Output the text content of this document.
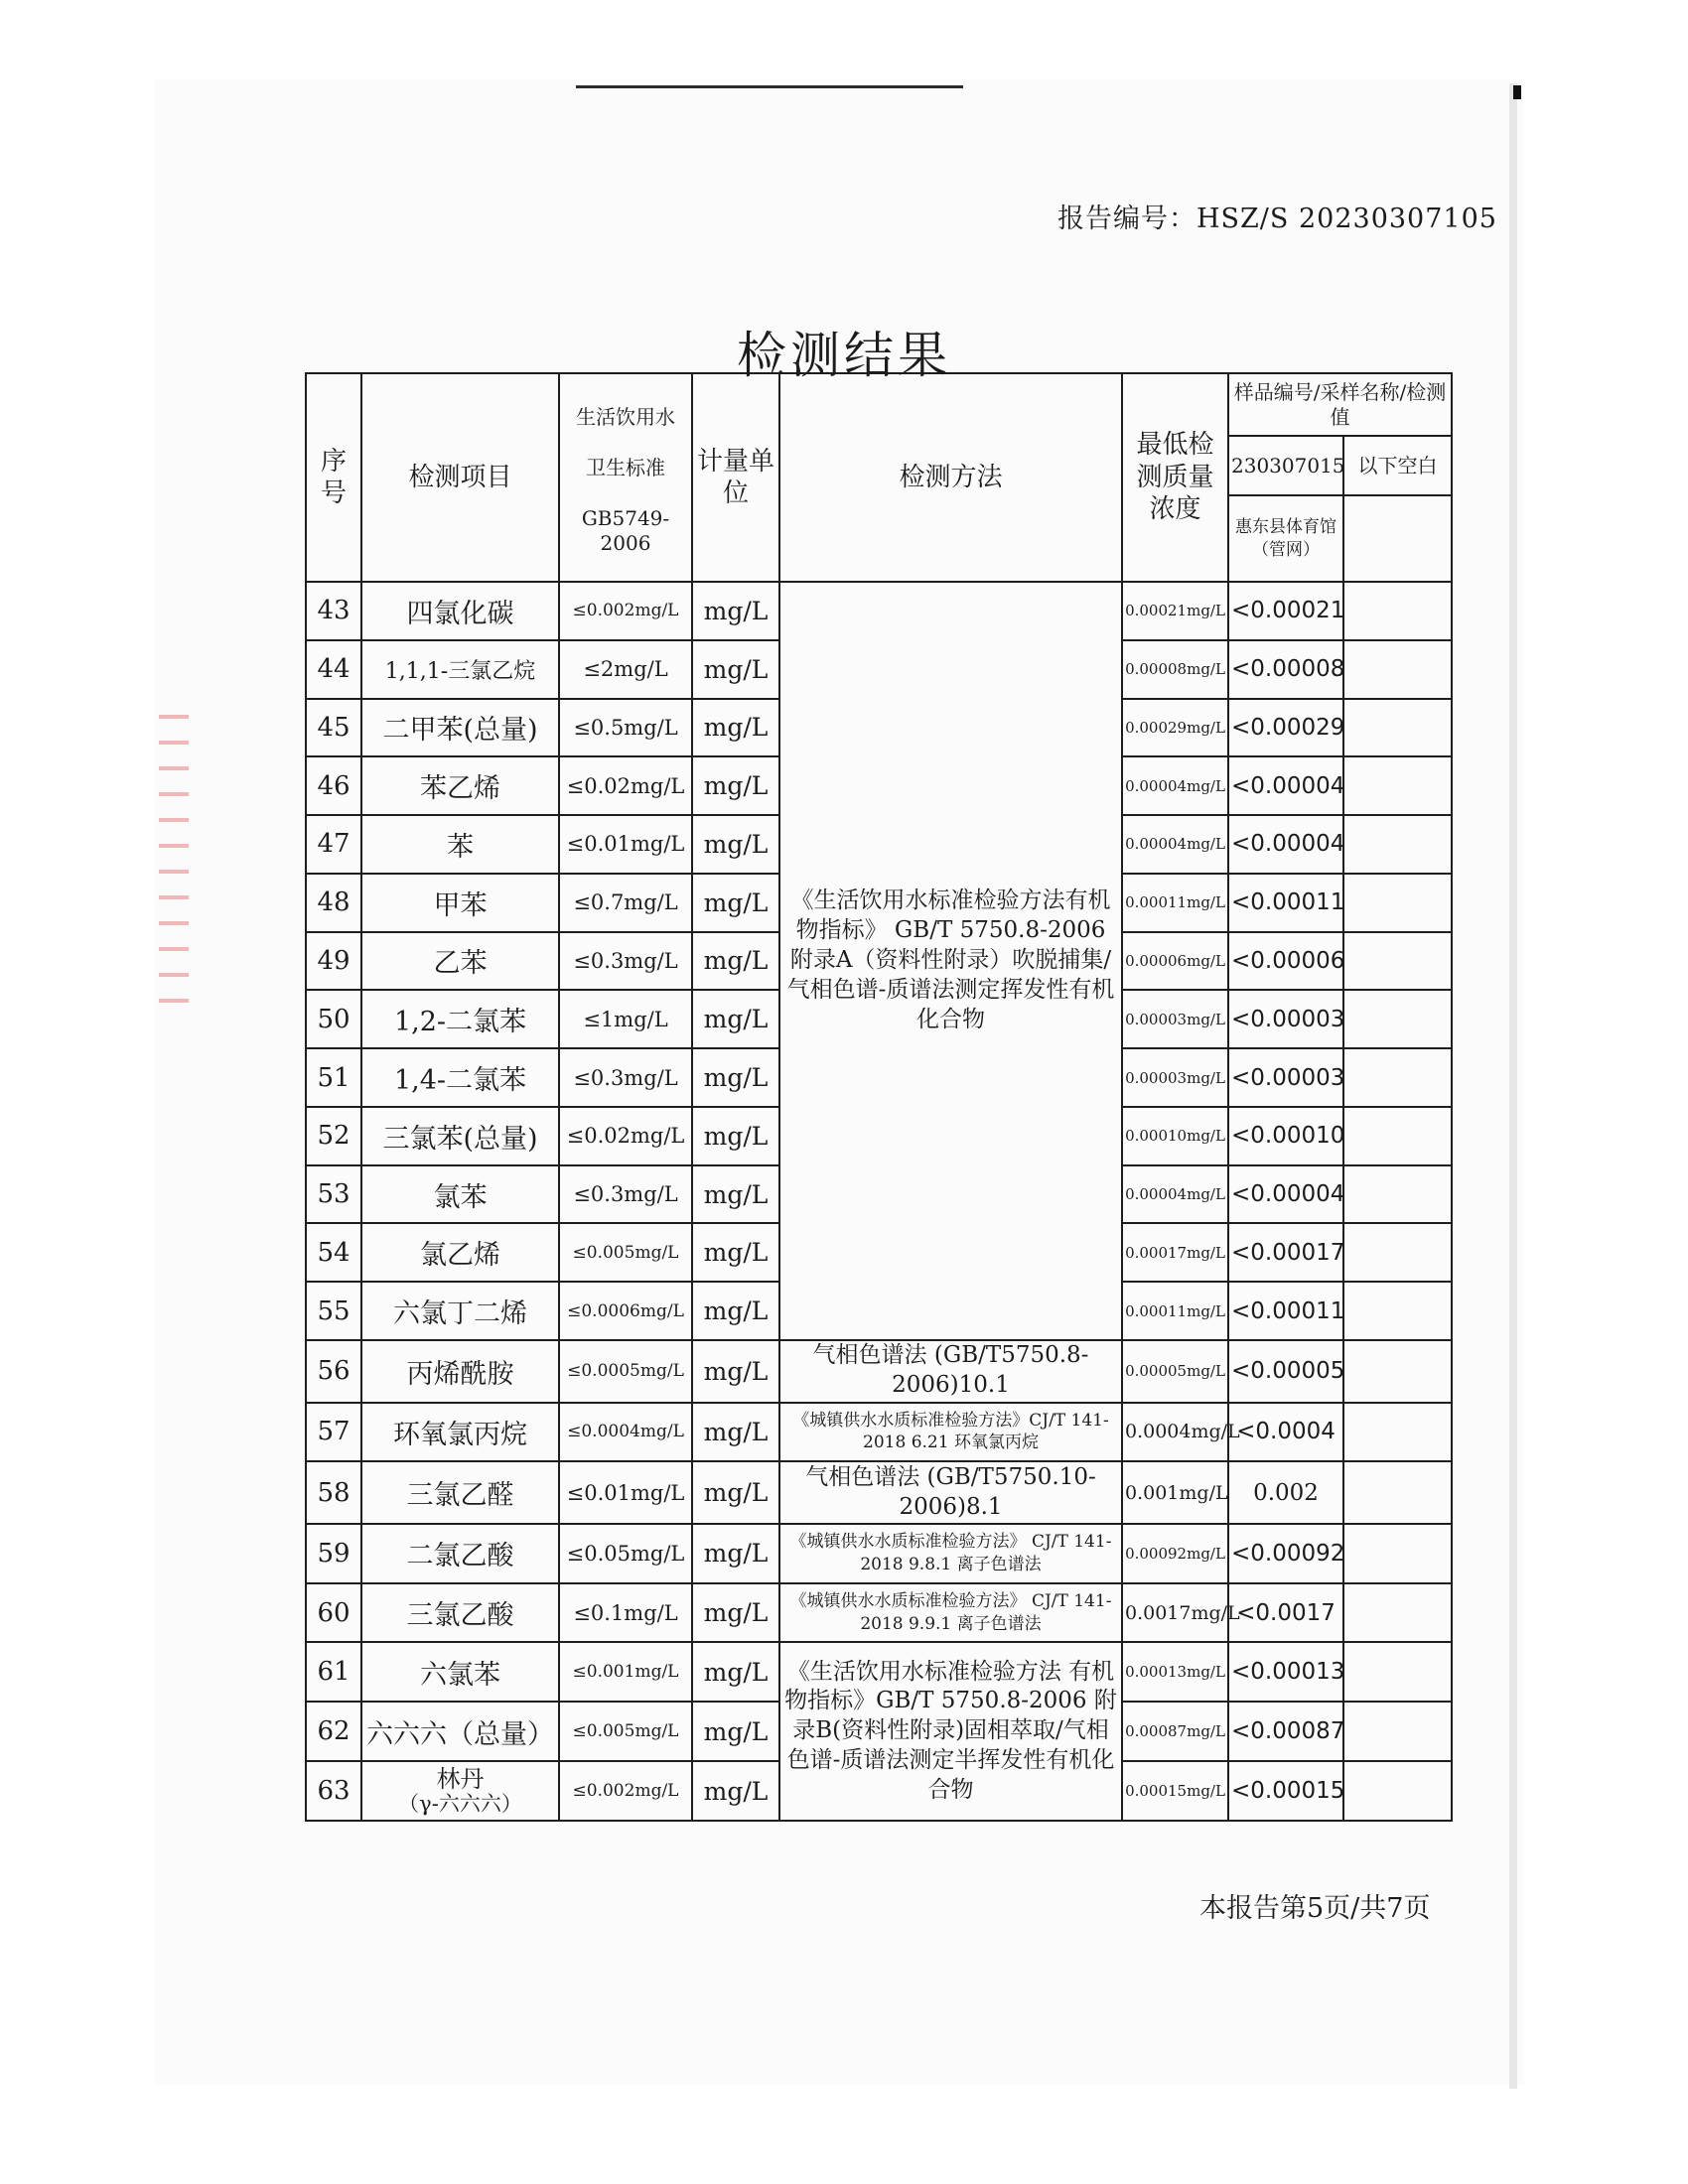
报告编号：HSZ/S 20230307105
检测结果
序号	检测项目	生活饮用水
卫生标准
GB5749-2006	计量单位	检测方法	最低检测质量浓度	样品编号/采样名称/检测值	
						230307015	以下空白
						惠东县体育馆（管网）	
43	四氯化碳	≤0.002mg/L	mg/L	《生活饮用水标准检验方法有机物指标》 GB/T 5750.8-2006 附录A（资料性附录）吹脱捕集/气相色谱-质谱法测定挥发性有机化合物	0.00021mg/L	<0.00021	
44	1,1,1-三氯乙烷	≤2mg/L	mg/L		0.00008mg/L	<0.00008	
45	二甲苯(总量)	≤0.5mg/L	mg/L		0.00029mg/L	<0.00029	
46	苯乙烯	≤0.02mg/L	mg/L		0.00004mg/L	<0.00004	
47	苯	≤0.01mg/L	mg/L		0.00004mg/L	<0.00004	
48	甲苯	≤0.7mg/L	mg/L		0.00011mg/L	<0.00011	
49	乙苯	≤0.3mg/L	mg/L		0.00006mg/L	<0.00006	
50	1,2-二氯苯	≤1mg/L	mg/L		0.00003mg/L	<0.00003	
51	1,4-二氯苯	≤0.3mg/L	mg/L		0.00003mg/L	<0.00003	
52	三氯苯(总量)	≤0.02mg/L	mg/L		0.00010mg/L	<0.00010	
53	氯苯	≤0.3mg/L	mg/L		0.00004mg/L	<0.00004	
54	氯乙烯	≤0.005mg/L	mg/L		0.00017mg/L	<0.00017	
55	六氯丁二烯	≤0.0006mg/L	mg/L		0.00011mg/L	<0.00011	
56	丙烯酰胺	≤0.0005mg/L	mg/L	气相色谱法 (GB/T5750.8-2006)10.1	0.00005mg/L	<0.00005	
57	环氧氯丙烷	≤0.0004mg/L	mg/L	《城镇供水水质标准检验方法》CJ/T 141-2018 6.21 环氧氯丙烷	0.0004mg/L	<0.0004	
58	三氯乙醛	≤0.01mg/L	mg/L	气相色谱法 (GB/T5750.10-2006)8.1	0.001mg/L	0.002	
59	二氯乙酸	≤0.05mg/L	mg/L	《城镇供水水质标准检验方法》 CJ/T 141-2018 9.8.1 离子色谱法	0.00092mg/L	<0.00092	
60	三氯乙酸	≤0.1mg/L	mg/L	《城镇供水水质标准检验方法》 CJ/T 141-2018 9.9.1 离子色谱法	0.0017mg/L	<0.0017	
61	六氯苯	≤0.001mg/L	mg/L	《生活饮用水标准检验方法 有机物指标》GB/T 5750.8-2006 附录B(资料性附录)固相萃取/气相色谱-质谱法测定半挥发性有机化合物	0.00013mg/L	<0.00013	
62	六六六（总量）	≤0.005mg/L	mg/L		0.00087mg/L	<0.00087	
63	林丹
（γ-六六六）	≤0.002mg/L	mg/L		0.00015mg/L	<0.00015	
本报告第5页/共7页
